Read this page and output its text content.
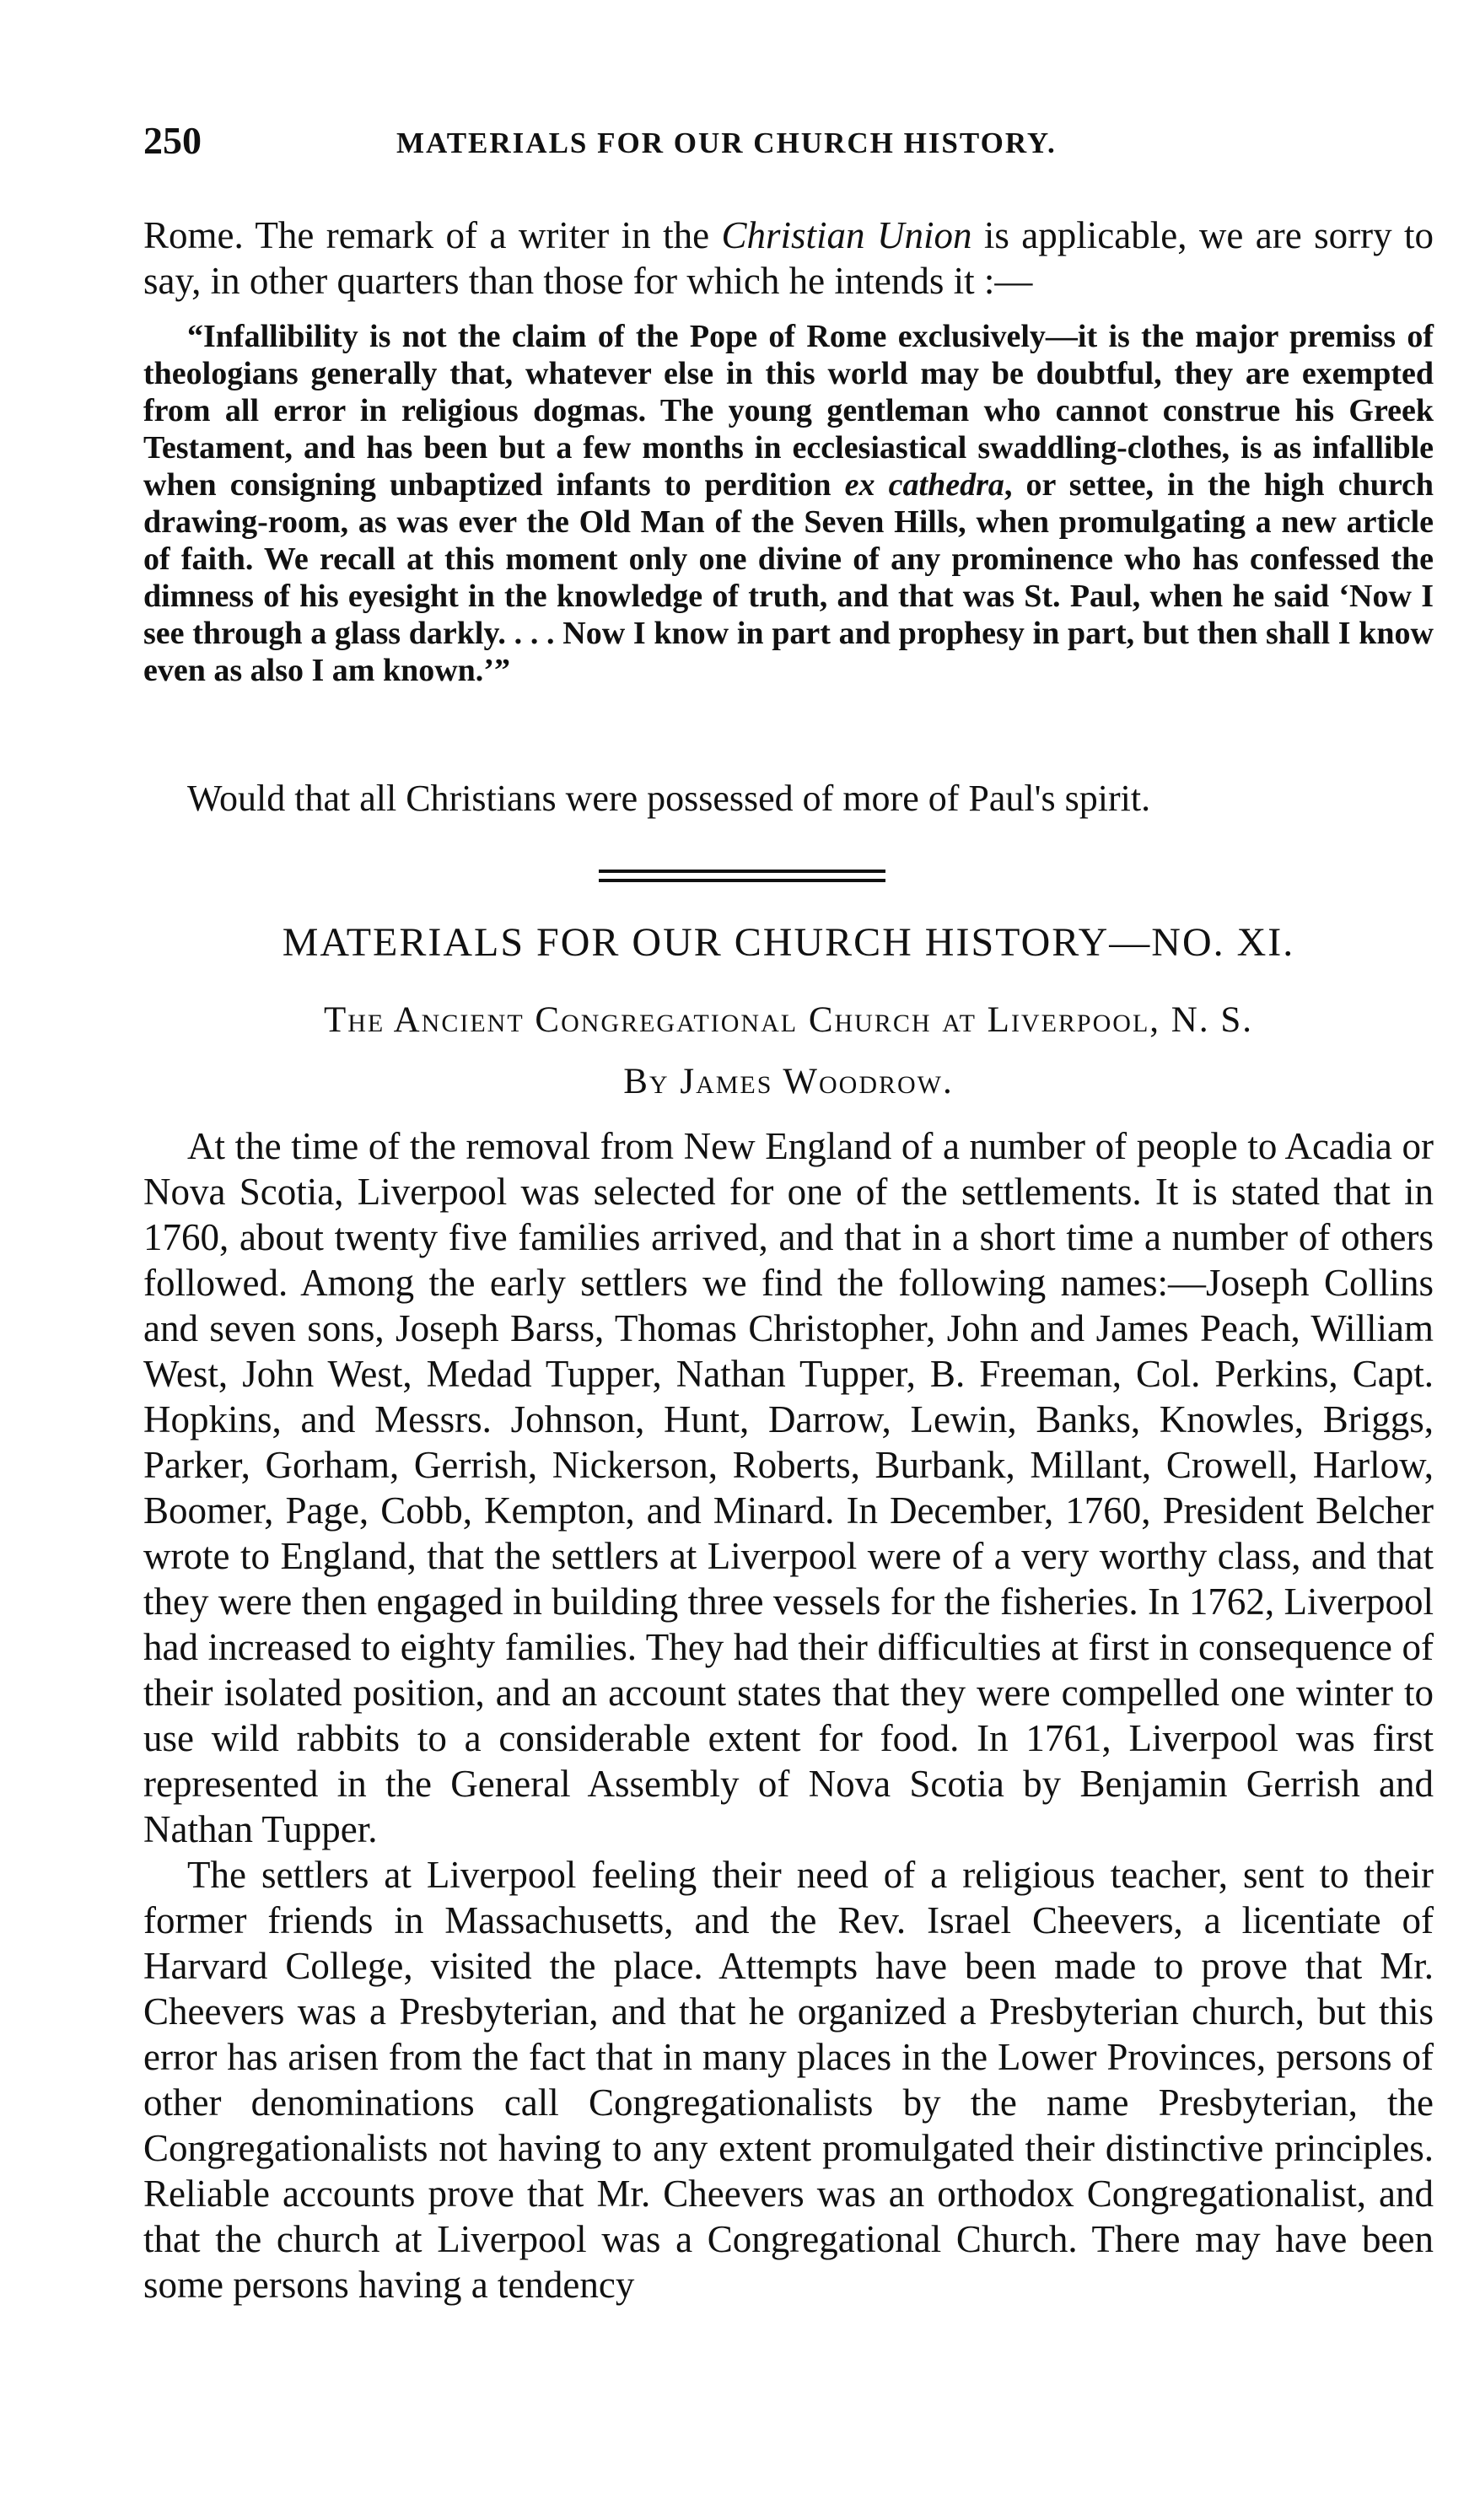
250	MATERIALS FOR OUR CHURCH HISTORY.

Rome. The remark of a writer in the Christian Union is applicable, we are sorry to say, in other quarters than those for which he intends it :—

“Infallibility is not the claim of the Pope of Rome exclusively—it is the major premiss of theologians generally that, whatever else in this world may be doubtful, they are exempted from all error in religious dogmas. The young gentleman who cannot construe his Greek Testament, and has been but a few months in ecclesiastical swaddling-clothes, is as infallible when consigning unbaptized infants to perdition ex cathedra, or settee, in the high church drawing-room, as was ever the Old Man of the Seven Hills, when promulgating a new article of faith. We recall at this moment only one divine of any prominence who has confessed the dimness of his eyesight in the knowledge of truth, and that was St. Paul, when he said ‘Now I see through a glass darkly. . . . Now I know in part and prophesy in part, but then shall I know even as also I am known.’”

Would that all Christians were possessed of more of Paul's spirit.

MATERIALS FOR OUR CHURCH HISTORY—NO. XI.
The Ancient Congregational Church at Liverpool, N. S.
By James Woodrow.

At the time of the removal from New England of a number of people to Acadia or Nova Scotia, Liverpool was selected for one of the settlements. It is stated that in 1760, about twenty five families arrived, and that in a short time a number of others followed. Among the early settlers we find the following names:—Joseph Collins and seven sons, Joseph Barss, Thomas Christopher, John and James Peach, William West, John West, Medad Tupper, Nathan Tupper, B. Freeman, Col. Perkins, Capt. Hopkins, and Messrs. Johnson, Hunt, Darrow, Lewin, Banks, Knowles, Briggs, Parker, Gorham, Gerrish, Nickerson, Roberts, Burbank, Millant, Crowell, Harlow, Boomer, Page, Cobb, Kempton, and Minard. In December, 1760, President Belcher wrote to England, that the settlers at Liverpool were of a very worthy class, and that they were then engaged in building three vessels for the fisheries. In 1762, Liverpool had increased to eighty families. They had their difficulties at first in consequence of their isolated position, and an account states that they were compelled one winter to use wild rabbits to a considerable extent for food. In 1761, Liverpool was first represented in the General Assembly of Nova Scotia by Benjamin Gerrish and Nathan Tupper.

The settlers at Liverpool feeling their need of a religious teacher, sent to their former friends in Massachusetts, and the Rev. Israel Cheevers, a licentiate of Harvard College, visited the place. Attempts have been made to prove that Mr. Cheevers was a Presbyterian, and that he organized a Presbyterian church, but this error has arisen from the fact that in many places in the Lower Provinces, persons of other denominations call Congregationalists by the name Presbyterian, the Congregationalists not having to any extent promulgated their distinctive principles. Reliable accounts prove that Mr. Cheevers was an orthodox Congregationalist, and that the church at Liverpool was a Congregational Church. There may have been some persons having a tendency
